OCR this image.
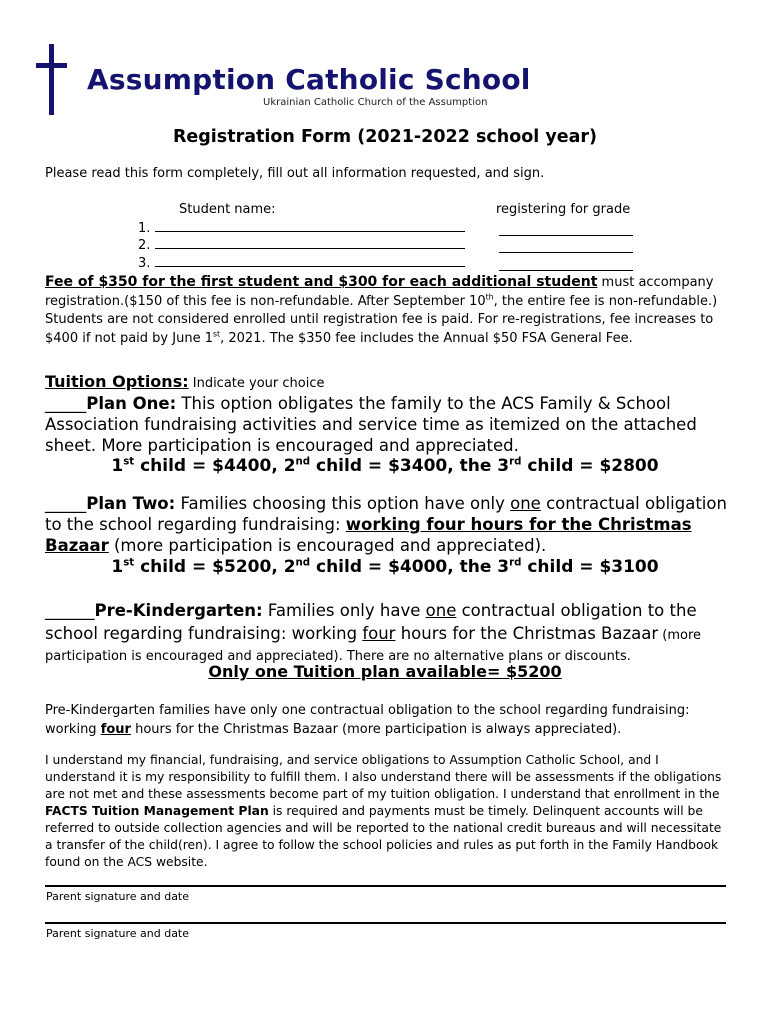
Assumption Catholic School
Ukrainian Catholic Church of the Assumption
Registration Form (2021-2022 school year)
Please read this form completely, fill out all information requested, and sign.
Student name:	registering for grade
1.
2.
3.
Fee of $350 for the first student and $300 for each additional student must accompany registration.($150 of this fee is non-refundable. After September 10th, the entire fee is non-refundable.) Students are not considered enrolled until registration fee is paid. For re-registrations, fee increases to $400 if not paid by June 1st, 2021. The $350 fee includes the Annual $50 FSA General Fee.
Tuition Options: Indicate your choice
_____Plan One: This option obligates the family to the ACS Family & School Association fundraising activities and service time as itemized on the attached sheet. More participation is encouraged and appreciated.
1st child = $4400, 2nd child = $3400, the 3rd child = $2800
_____Plan Two: Families choosing this option have only one contractual obligation to the school regarding fundraising: working four hours for the Christmas Bazaar (more participation is encouraged and appreciated).
1st child = $5200, 2nd child = $4000, the 3rd child = $3100
______Pre-Kindergarten: Families only have one contractual obligation to the school regarding fundraising: working four hours for the Christmas Bazaar (more participation is encouraged and appreciated). There are no alternative plans or discounts.
Only one Tuition plan available= $5200
Pre-Kindergarten families have only one contractual obligation to the school regarding fundraising: working four hours for the Christmas Bazaar (more participation is always appreciated).
I understand my financial, fundraising, and service obligations to Assumption Catholic School, and I understand it is my responsibility to fulfill them. I also understand there will be assessments if the obligations are not met and these assessments become part of my tuition obligation. I understand that enrollment in the FACTS Tuition Management Plan is required and payments must be timely. Delinquent accounts will be referred to outside collection agencies and will be reported to the national credit bureaus and will necessitate a transfer of the child(ren). I agree to follow the school policies and rules as put forth in the Family Handbook found on the ACS website.
Parent signature and date
Parent signature and date
